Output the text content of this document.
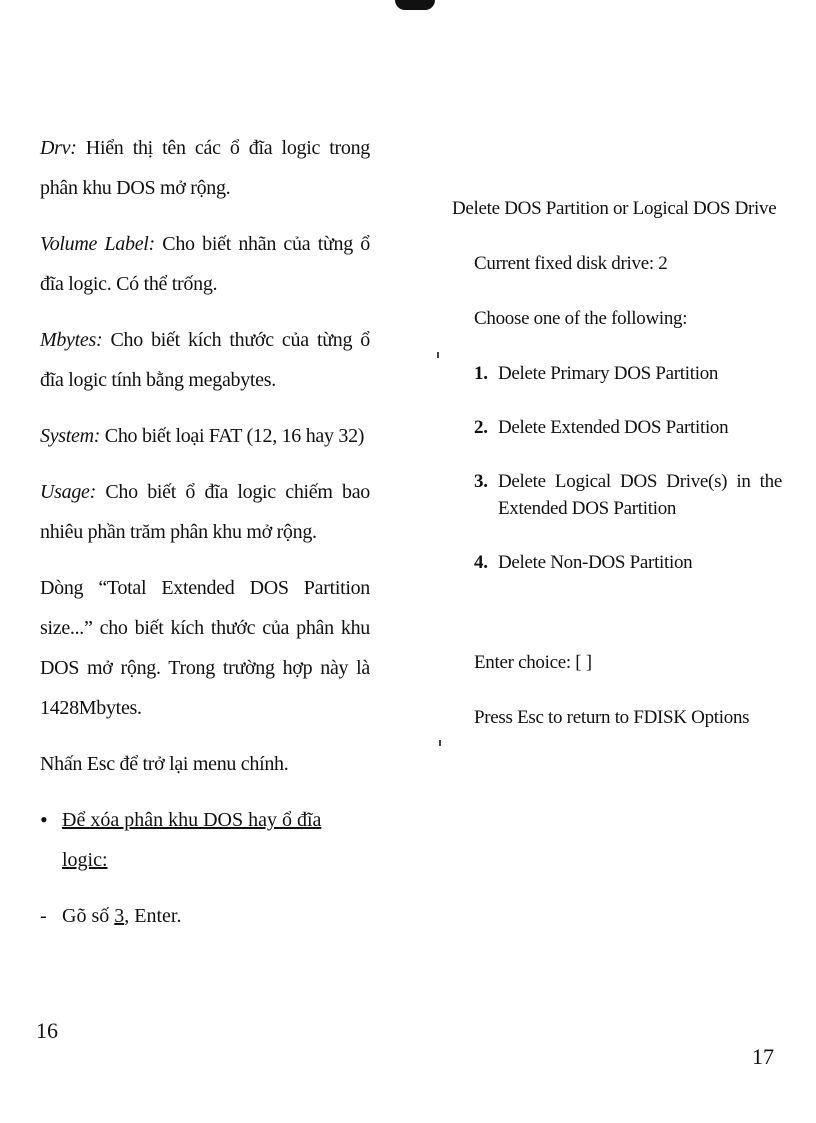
Drv: Hiển thị tên các ổ đĩa logic trong phân khu DOS mở rộng.

Volume Label: Cho biết nhãn của từng ổ đĩa logic. Có thể trống.

Mbytes: Cho biết kích thước của từng ổ đĩa logic tính bằng megabytes.

System: Cho biết loại FAT (12, 16 hay 32)

Usage: Cho biết ổ đĩa logic chiếm bao nhiêu phần trăm phân khu mở rộng.

Dòng “Total Extended DOS Partition size...” cho biết kích thước của phân khu DOS mở rộng. Trong trường hợp này là 1428Mbytes.

Nhấn Esc để trở lại menu chính.

• Để xóa phân khu DOS hay ổ đĩa logic:
- Gõ số 3, Enter.
16
Delete DOS Partition or Logical DOS Drive
Current fixed disk drive: 2
Choose one of the following:
1. Delete Primary DOS Partition
2. Delete Extended DOS Partition
3. Delete Logical DOS Drive(s) in the Extended DOS Partition
4. Delete Non-DOS Partition
Enter choice: [ ]
Press Esc to return to FDISK Options
17
